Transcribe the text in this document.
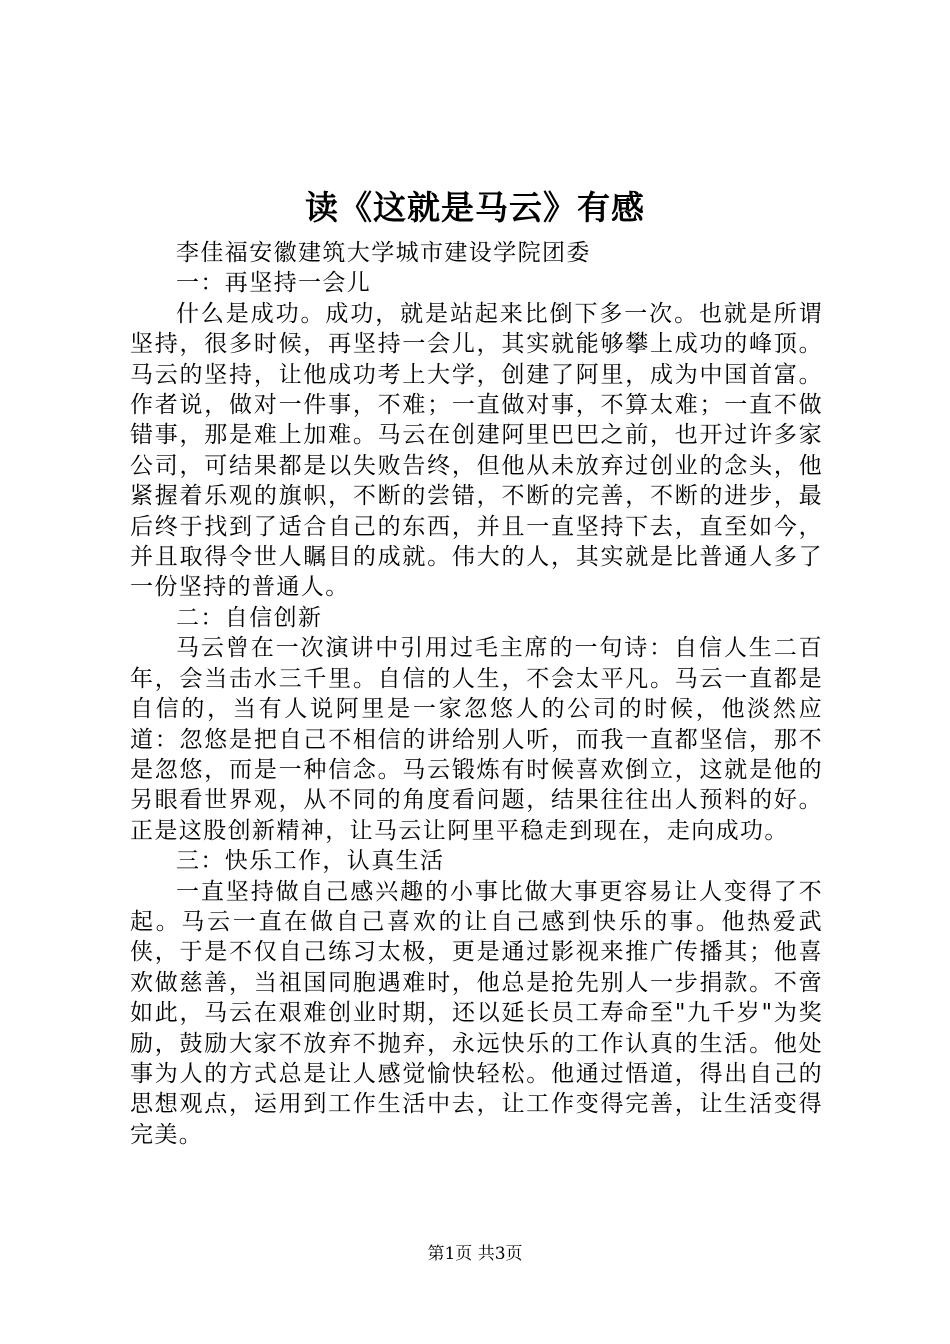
读《这就是马云》有感

李佳福安徽建筑大学城市建设学院团委

一：再坚持一会儿

什么是成功。成功，就是站起来比倒下多一次。也就是所谓坚持，很多时候，再坚持一会儿，其实就能够攀上成功的峰顶。马云的坚持，让他成功考上大学，创建了阿里，成为中国首富。作者说，做对一件事，不难；一直做对事，不算太难；一直不做错事，那是难上加难。马云在创建阿里巴巴之前，也开过许多家公司，可结果都是以失败告终，但他从未放弃过创业的念头，他紧握着乐观的旗帜，不断的尝错，不断的完善，不断的进步，最后终于找到了适合自己的东西，并且一直坚持下去，直至如今，并且取得令世人瞩目的成就。伟大的人，其实就是比普通人多了一份坚持的普通人。

二：自信创新

马云曾在一次演讲中引用过毛主席的一句诗：自信人生二百年，会当击水三千里。自信的人生，不会太平凡。马云一直都是自信的，当有人说阿里是一家忽悠人的公司的时候，他淡然应道：忽悠是把自己不相信的讲给别人听，而我一直都坚信，那不是忽悠，而是一种信念。马云锻炼有时候喜欢倒立，这就是他的另眼看世界观，从不同的角度看问题，结果往往出人预料的好。正是这股创新精神，让马云让阿里平稳走到现在，走向成功。

三：快乐工作，认真生活

一直坚持做自己感兴趣的小事比做大事更容易让人变得了不起。马云一直在做自己喜欢的让自己感到快乐的事。他热爱武侠，于是不仅自己练习太极，更是通过影视来推广传播其；他喜欢做慈善，当祖国同胞遇难时，他总是抢先别人一步捐款。不啻如此，马云在艰难创业时期，还以延长员工寿命至"九千岁"为奖励，鼓励大家不放弃不抛弃，永远快乐的工作认真的生活。他处事为人的方式总是让人感觉愉快轻松。他通过悟道，得出自己的思想观点，运用到工作生活中去，让工作变得完善，让生活变得完美。

第1页 共3页
